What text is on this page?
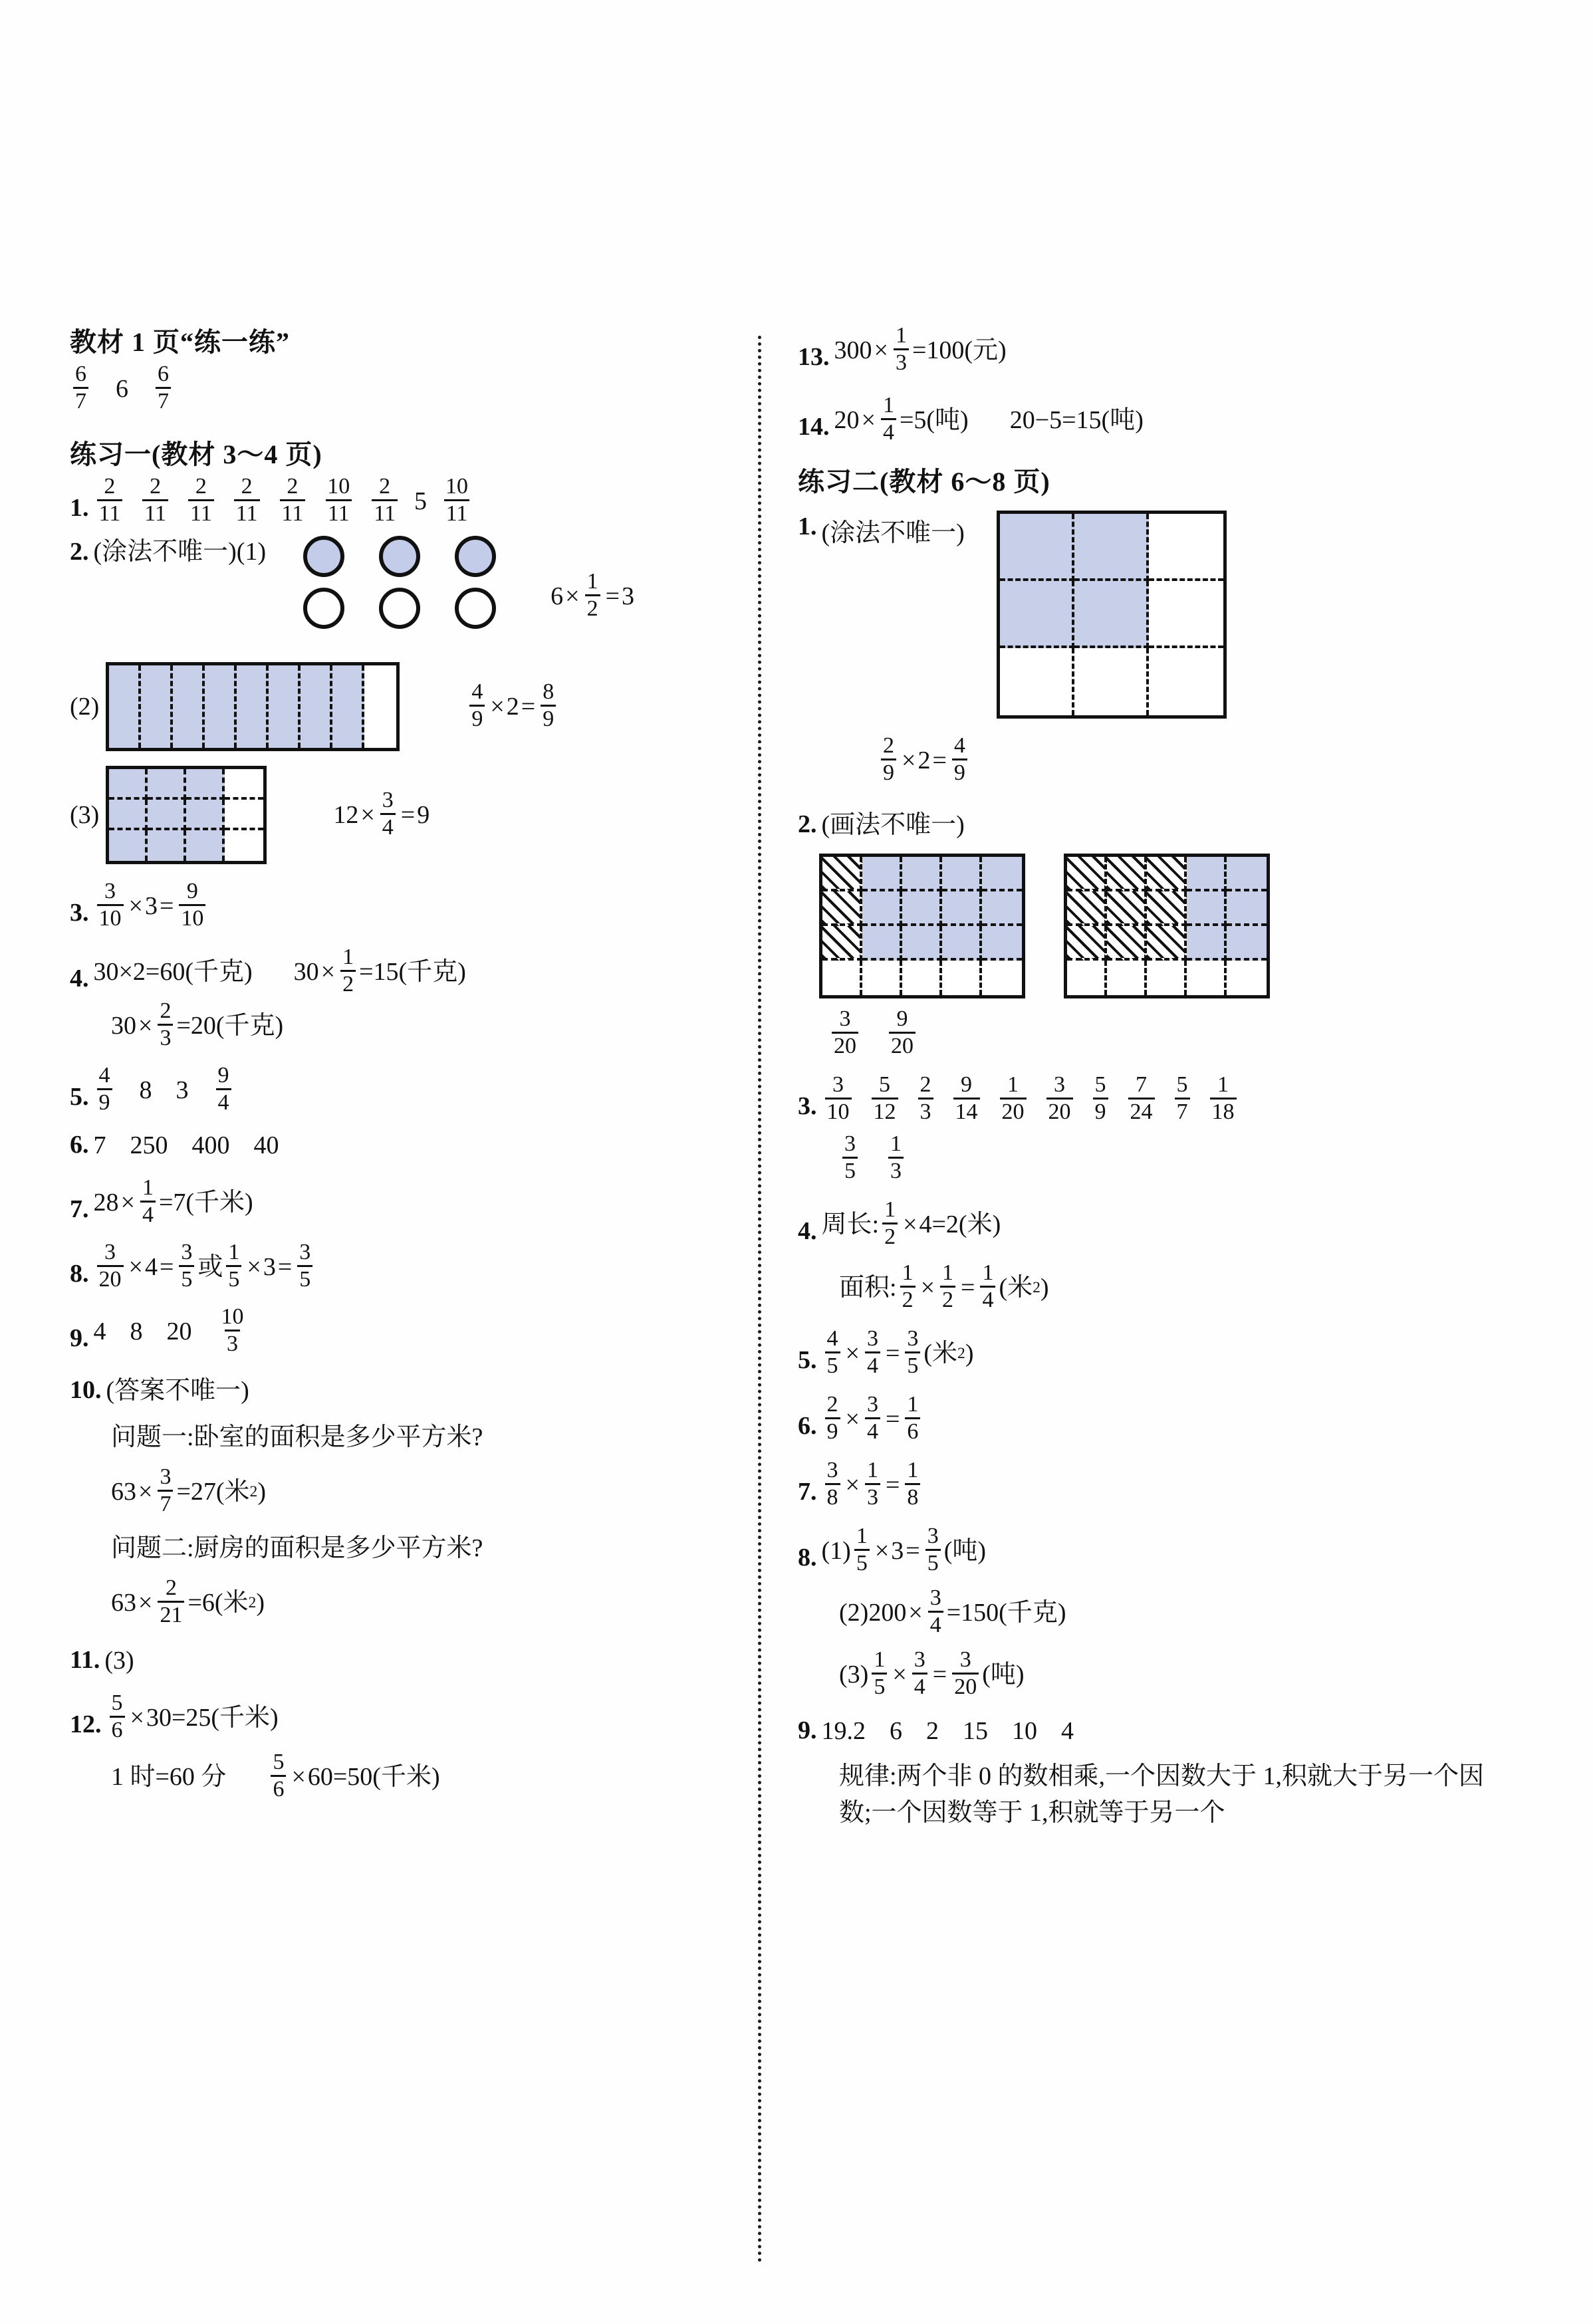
教材 1 页“练一练”
$\frac{6}{7} 6 \frac{6}{7}$
练习一(教材 3～4 页)
1. $\frac{2}{11} \frac{2}{11} \frac{2}{11} \frac{2}{11} \frac{2}{11} \frac{10}{11} \frac{2}{11} 5 \frac{10}{11}$
2. (涂法不唯一)(1)
$6 \times \frac{1}{2} = 3$
(2)	$\frac{4}{9} \times 2 = \frac{8}{9}$
(3)	$12 \times \frac{3}{4} = 9$
3. $\frac{3}{10} \times 3 = \frac{9}{10}$
4. 30×2=60(千克) $30 \times \frac{1}{2} =15$(千克)
$30 \times \frac{2}{3} =20$(千克)
5. $\frac{4}{9} 8$ $3 \frac{9}{4}$
6. 7 250 400 40
7. $28 \times \frac{1}{4} =7$(千米)
8. $\frac{3}{20} \times 4 = \frac{3}{5}$ 或 $\frac{1}{5} \times 3 = \frac{3}{5}$
9. 4 8 $20 \frac{10}{3}$
10. (答案不唯一)
问题一:卧室的面积是多少平方米?
$63 \times \frac{3}{7} =27$(米 2 )
问题二:厨房的面积是多少平方米?
$63 \times \frac{2}{21} =6$(米 2 )
11. (3)
12. $\frac{5}{6} \times 30 =25$(千米)
1 时=60 分 $\frac{5}{6} \times 60 =50$(千米)
13. $300 \times \frac{1}{3} =100$(元)
14. $20 \times \frac{1}{4} =5$(吨) 20−5=15(吨)
练习二(教材 6～8 页)
1. (涂法不唯一)
$\frac{2}{9} \times 2 = \frac{4}{9}$
2. (画法不唯一)
$\frac{3}{20} \frac{9}{20}$
3. $\frac{3}{10} \frac{5}{12} \frac{2}{3} \frac{9}{14} \frac{1}{20} \frac{3}{20} \frac{5}{9} \frac{7}{24} \frac{5}{7} \frac{1}{18}$
$\frac{3}{5} \frac{1}{3}$
4. 周长: $\frac{1}{2} \times 4 =2$(米)
面积: $\frac{1}{2} \times \frac{1}{2} = \frac{1}{4}$ (米 2 )
5. $\frac{4}{5} \times \frac{3}{4} = \frac{3}{5}$ (米 2 )
6. $\frac{2}{9} \times \frac{3}{4} = \frac{1}{6}$
7. $\frac{3}{8} \times \frac{1}{3} = \frac{1}{8}$
8. $(1) \frac{1}{5} \times 3 = \frac{3}{5}$ (吨)
(2) $200 \times \frac{3}{4} =150$(千克)
$(3) \frac{1}{5} \times \frac{3}{4} = \frac{3}{20}$ (吨)
9. 19.2 6 2 15 10 4
规律:两个非 0 的数相乘,一个因数大于 1,积就大于另一个因数;一个因数等于 1,积就等于另一个
